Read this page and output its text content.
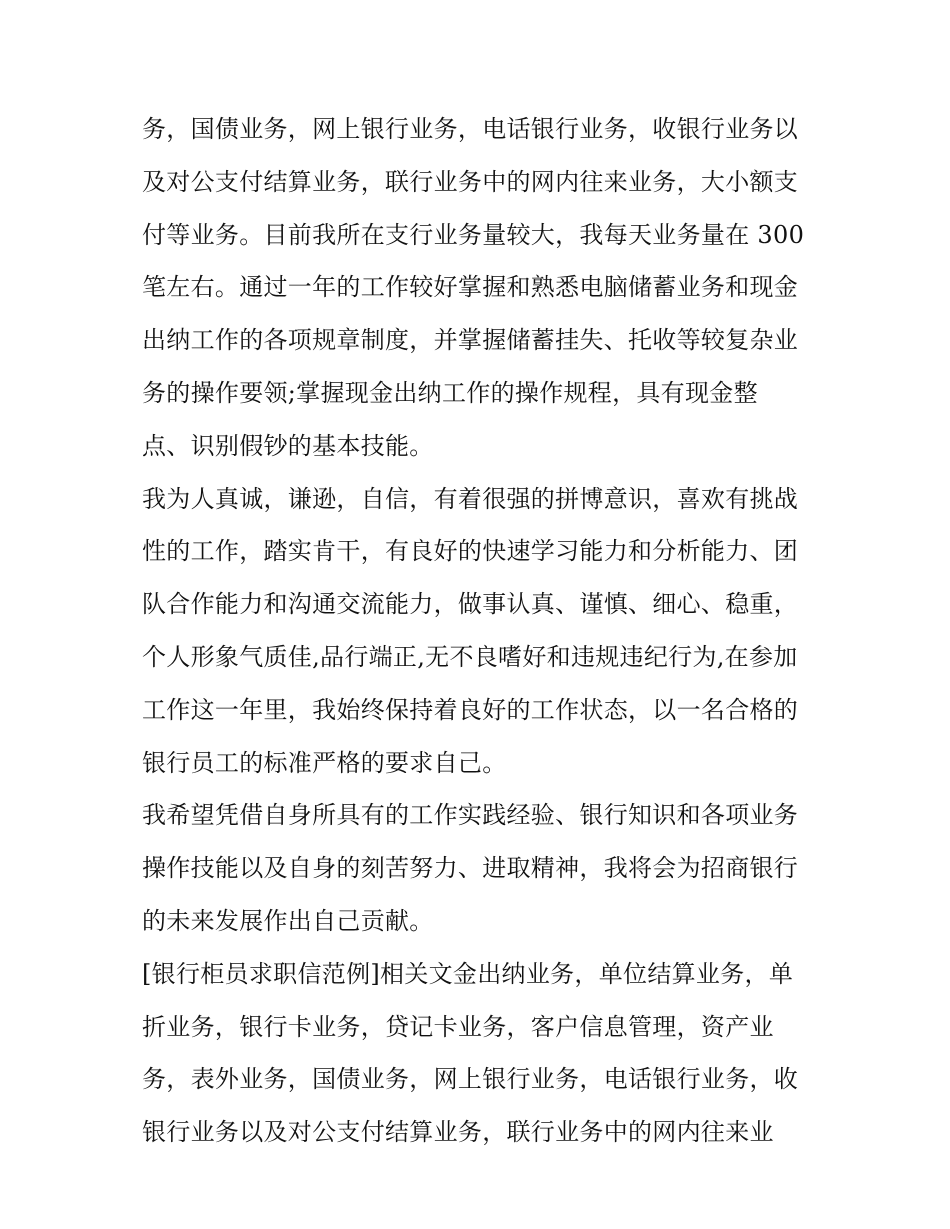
务，国债业务，网上银行业务，电话银行业务，收银行业务以
及对公支付结算业务，联行业务中的网内往来业务，大小额支
付等业务。目前我所在支行业务量较大，我每天业务量在 300
笔左右。通过一年的工作较好掌握和熟悉电脑储蓄业务和现金
出纳工作的各项规章制度，并掌握储蓄挂失、托收等较复杂业
务的操作要领;掌握现金出纳工作的操作规程，具有现金整
点、识别假钞的基本技能。
我为人真诚，谦逊，自信，有着很强的拼博意识，喜欢有挑战
性的工作，踏实肯干，有良好的快速学习能力和分析能力、团
队合作能力和沟通交流能力，做事认真、谨慎、细心、稳重，
个人形象气质佳,品行端正,无不良嗜好和违规违纪行为,在参加
工作这一年里，我始终保持着良好的工作状态，以一名合格的
银行员工的标准严格的要求自己。
我希望凭借自身所具有的工作实践经验、银行知识和各项业务
操作技能以及自身的刻苦努力、进取精神，我将会为招商银行
的未来发展作出自己贡献。
[银行柜员求职信范例]相关文金出纳业务，单位结算业务，单
折业务，银行卡业务，贷记卡业务，客户信息管理，资产业
务，表外业务，国债业务，网上银行业务，电话银行业务，收
银行业务以及对公支付结算业务，联行业务中的网内往来业
